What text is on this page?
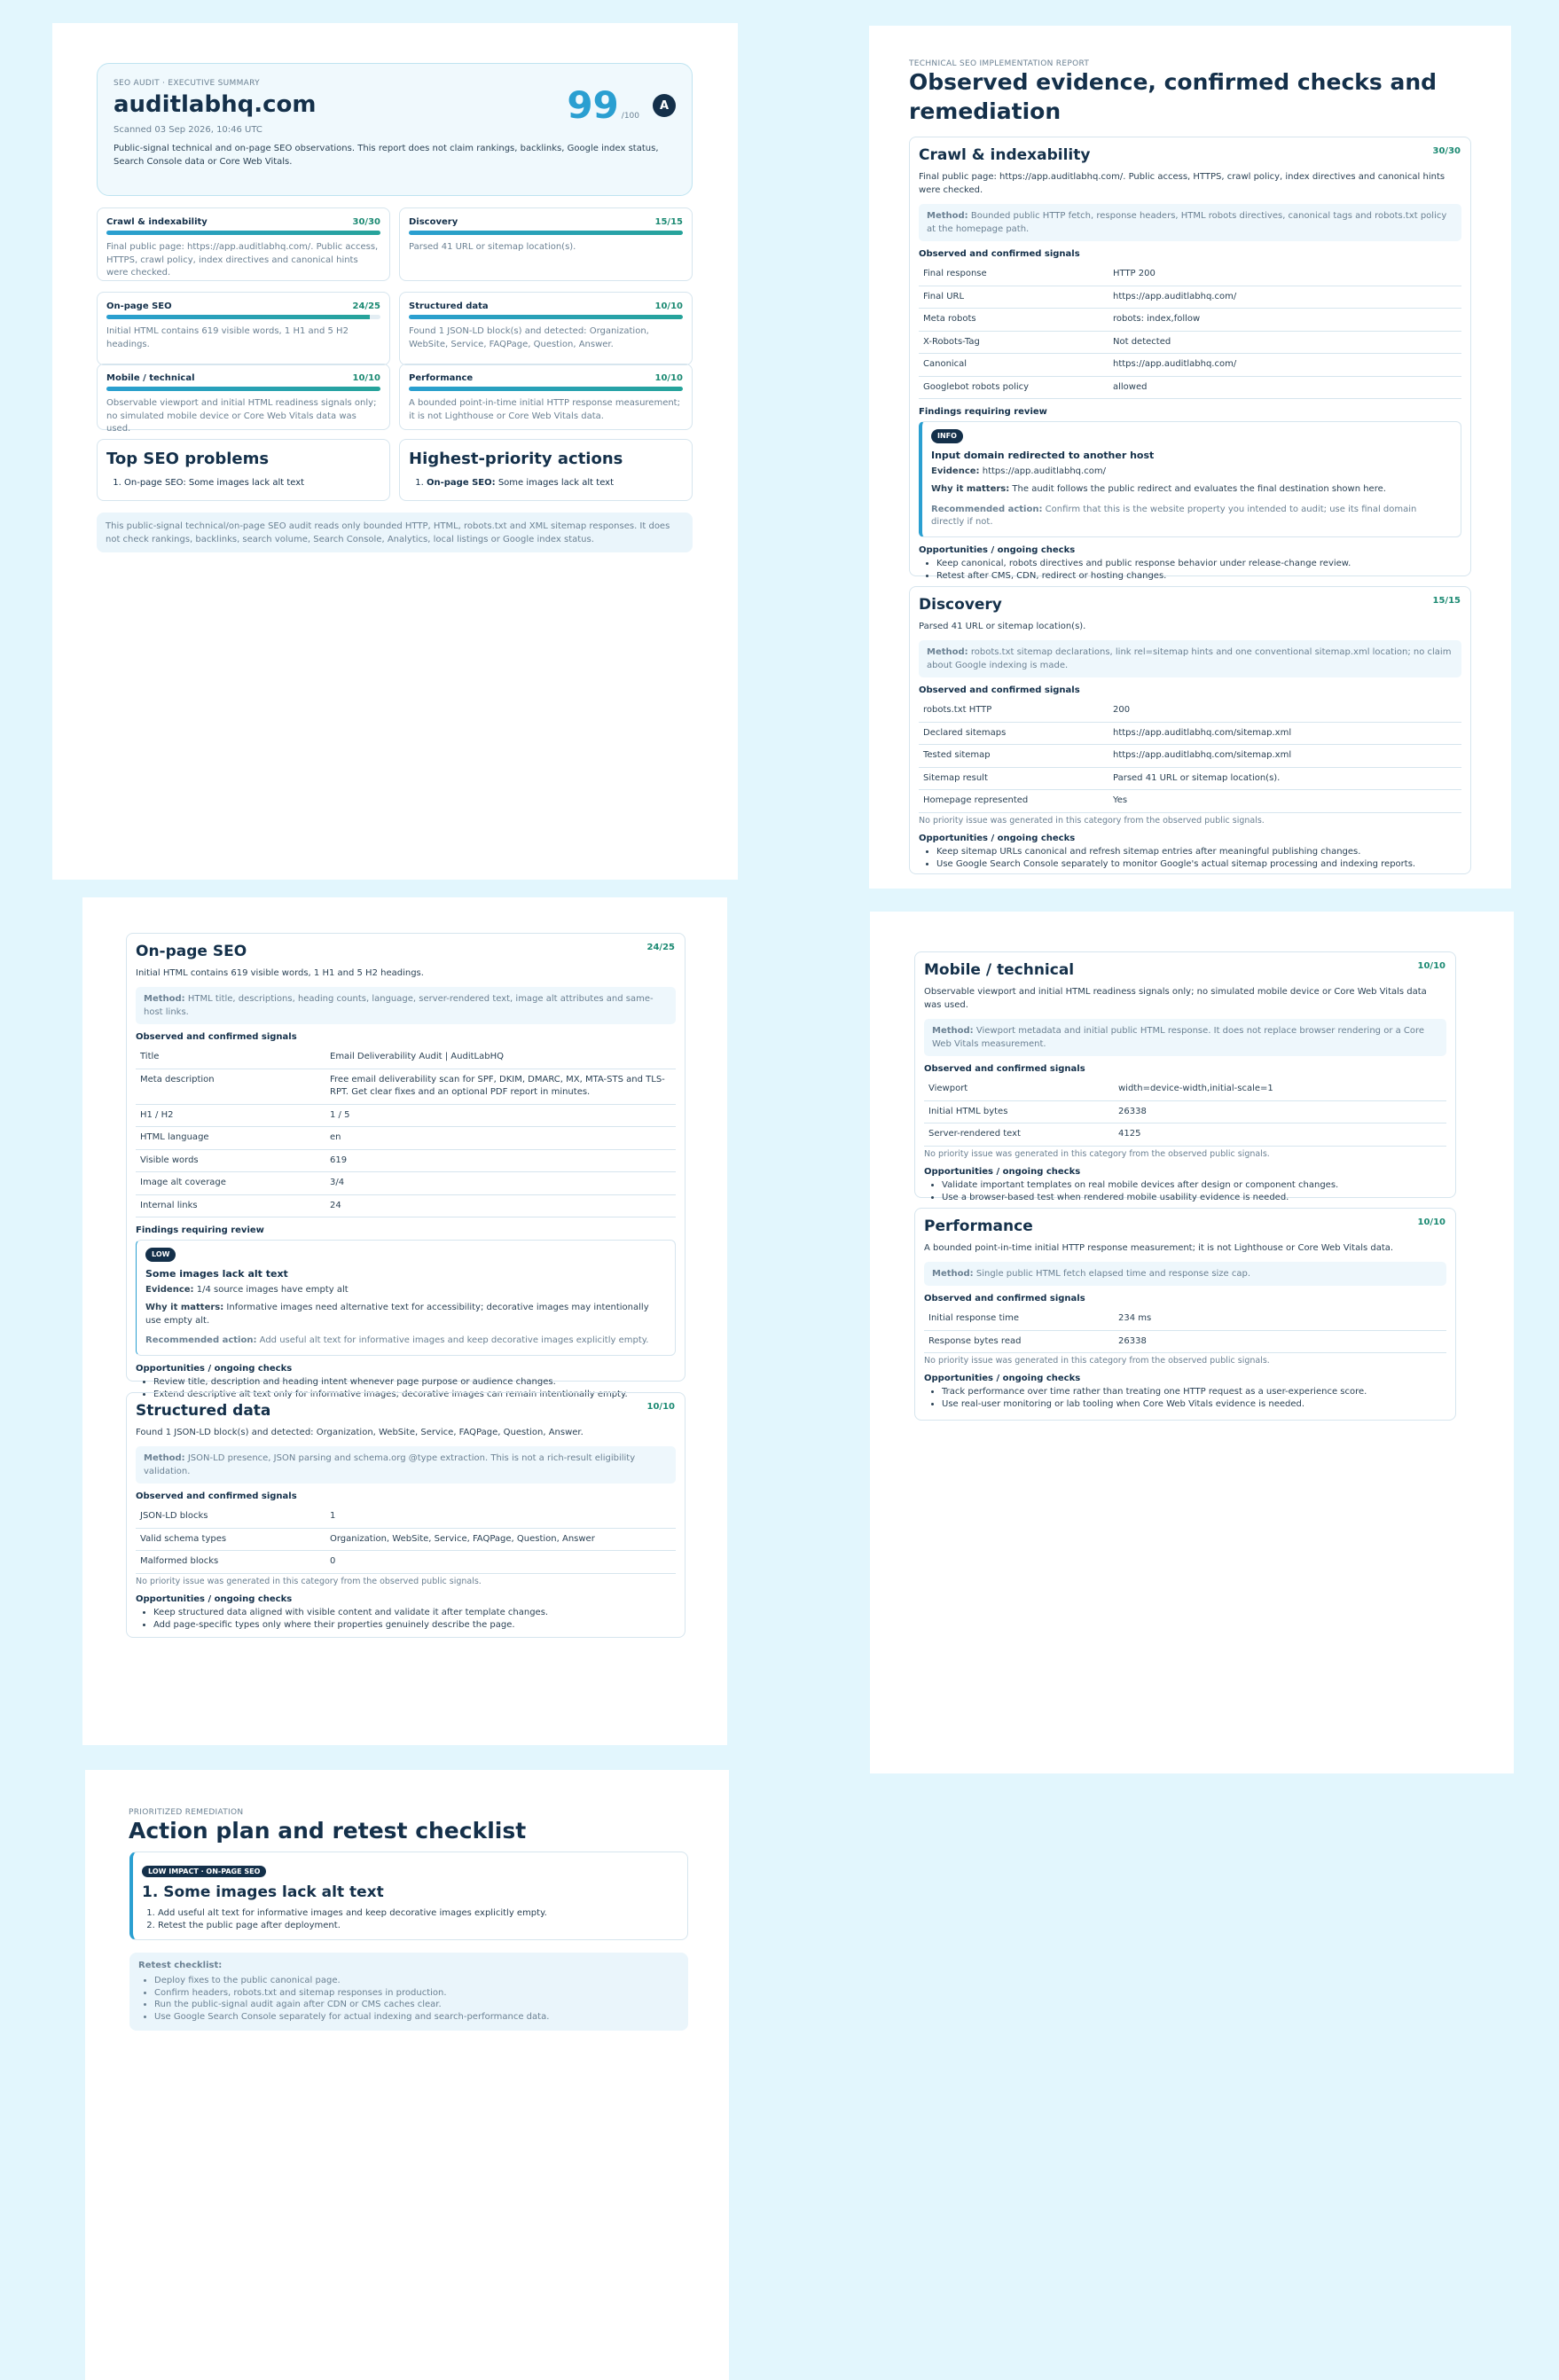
SEO AUDIT · EXECUTIVE SUMMARY
auditlabhq.com
Scanned 03 Sep 2026, 10:46 UTC
Public-signal technical and on-page SEO observations. This report does not claim rankings, backlinks, Google index status, Search Console data or Core Web Vitals.
99 /100
A
Crawl & indexability	30/30
Final public page: https://app.auditlabhq.com/. Public access, HTTPS, crawl policy, index directives and canonical hints were checked.
Discovery	15/15
Parsed 41 URL or sitemap location(s).
On-page SEO	24/25
Initial HTML contains 619 visible words, 1 H1 and 5 H2 headings.
Structured data	10/10
Found 1 JSON-LD block(s) and detected: Organization, WebSite, Service, FAQPage, Question, Answer.
Mobile / technical	10/10
Observable viewport and initial HTML readiness signals only; no simulated mobile device or Core Web Vitals data was used.
Performance	10/10
A bounded point-in-time initial HTTP response measurement; it is not Lighthouse or Core Web Vitals data.
Top SEO problems
1. On-page SEO: Some images lack alt text
Highest-priority actions
1. On-page SEO: Some images lack alt text
This public-signal technical/on-page SEO audit reads only bounded HTTP, HTML, robots.txt and XML sitemap responses. It does not check rankings, backlinks, search volume, Search Console, Analytics, local listings or Google index status.
TECHNICAL SEO IMPLEMENTATION REPORT
Observed evidence, confirmed checks and remediation
Crawl & indexability	30/30
Final public page: https://app.auditlabhq.com/. Public access, HTTPS, crawl policy, index directives and canonical hints were checked.
Method: Bounded public HTTP fetch, response headers, HTML robots directives, canonical tags and robots.txt policy at the homepage path.
Observed and confirmed signals
Final response	HTTP 200
Final URL	https://app.auditlabhq.com/
Meta robots	robots: index,follow
X-Robots-Tag	Not detected
Canonical	https://app.auditlabhq.com/
Googlebot robots policy	allowed
Findings requiring review
INFO
Input domain redirected to another host
Evidence: https://app.auditlabhq.com/
Why it matters: The audit follows the public redirect and evaluates the final destination shown here.
Recommended action: Confirm that this is the website property you intended to audit; use its final domain directly if not.
Opportunities / ongoing checks
• Keep canonical, robots directives and public response behavior under release-change review.
• Retest after CMS, CDN, redirect or hosting changes.
Discovery	15/15
Parsed 41 URL or sitemap location(s).
Method: robots.txt sitemap declarations, link rel=sitemap hints and one conventional sitemap.xml location; no claim about Google indexing is made.
Observed and confirmed signals
robots.txt HTTP	200
Declared sitemaps	https://app.auditlabhq.com/sitemap.xml
Tested sitemap	https://app.auditlabhq.com/sitemap.xml
Sitemap result	Parsed 41 URL or sitemap location(s).
Homepage represented	Yes
No priority issue was generated in this category from the observed public signals.
Opportunities / ongoing checks
• Keep sitemap URLs canonical and refresh sitemap entries after meaningful publishing changes.
• Use Google Search Console separately to monitor Google's actual sitemap processing and indexing reports.
On-page SEO	24/25
Initial HTML contains 619 visible words, 1 H1 and 5 H2 headings.
Method: HTML title, descriptions, heading counts, language, server-rendered text, image alt attributes and same-host links.
Observed and confirmed signals
Title	Email Deliverability Audit | AuditLabHQ
Meta description	Free email deliverability scan for SPF, DKIM, DMARC, MX, MTA-STS and TLS-RPT. Get clear fixes and an optional PDF report in minutes.
H1 / H2	1 / 5
HTML language	en
Visible words	619
Image alt coverage	3/4
Internal links	24
Findings requiring review
LOW
Some images lack alt text
Evidence: 1/4 source images have empty alt
Why it matters: Informative images need alternative text for accessibility; decorative images may intentionally use empty alt.
Recommended action: Add useful alt text for informative images and keep decorative images explicitly empty.
Opportunities / ongoing checks
• Review title, description and heading intent whenever page purpose or audience changes.
• Extend descriptive alt text only for informative images; decorative images can remain intentionally empty.
Structured data	10/10
Found 1 JSON-LD block(s) and detected: Organization, WebSite, Service, FAQPage, Question, Answer.
Method: JSON-LD presence, JSON parsing and schema.org @type extraction. This is not a rich-result eligibility validation.
Observed and confirmed signals
JSON-LD blocks	1
Valid schema types	Organization, WebSite, Service, FAQPage, Question, Answer
Malformed blocks	0
No priority issue was generated in this category from the observed public signals.
Opportunities / ongoing checks
• Keep structured data aligned with visible content and validate it after template changes.
• Add page-specific types only where their properties genuinely describe the page.
Mobile / technical	10/10
Observable viewport and initial HTML readiness signals only; no simulated mobile device or Core Web Vitals data was used.
Method: Viewport metadata and initial public HTML response. It does not replace browser rendering or a Core Web Vitals measurement.
Observed and confirmed signals
Viewport	width=device-width,initial-scale=1
Initial HTML bytes	26338
Server-rendered text	4125
No priority issue was generated in this category from the observed public signals.
Opportunities / ongoing checks
• Validate important templates on real mobile devices after design or component changes.
• Use a browser-based test when rendered mobile usability evidence is needed.
Performance	10/10
A bounded point-in-time initial HTTP response measurement; it is not Lighthouse or Core Web Vitals data.
Method: Single public HTML fetch elapsed time and response size cap.
Observed and confirmed signals
Initial response time	234 ms
Response bytes read	26338
No priority issue was generated in this category from the observed public signals.
Opportunities / ongoing checks
• Track performance over time rather than treating one HTTP request as a user-experience score.
• Use real-user monitoring or lab tooling when Core Web Vitals evidence is needed.
PRIORITIZED REMEDIATION
Action plan and retest checklist
LOW IMPACT · ON-PAGE SEO
1. Some images lack alt text
1. Add useful alt text for informative images and keep decorative images explicitly empty.
2. Retest the public page after deployment.
Retest checklist:
• Deploy fixes to the public canonical page.
• Confirm headers, robots.txt and sitemap responses in production.
• Run the public-signal audit again after CDN or CMS caches clear.
• Use Google Search Console separately for actual indexing and search-performance data.
